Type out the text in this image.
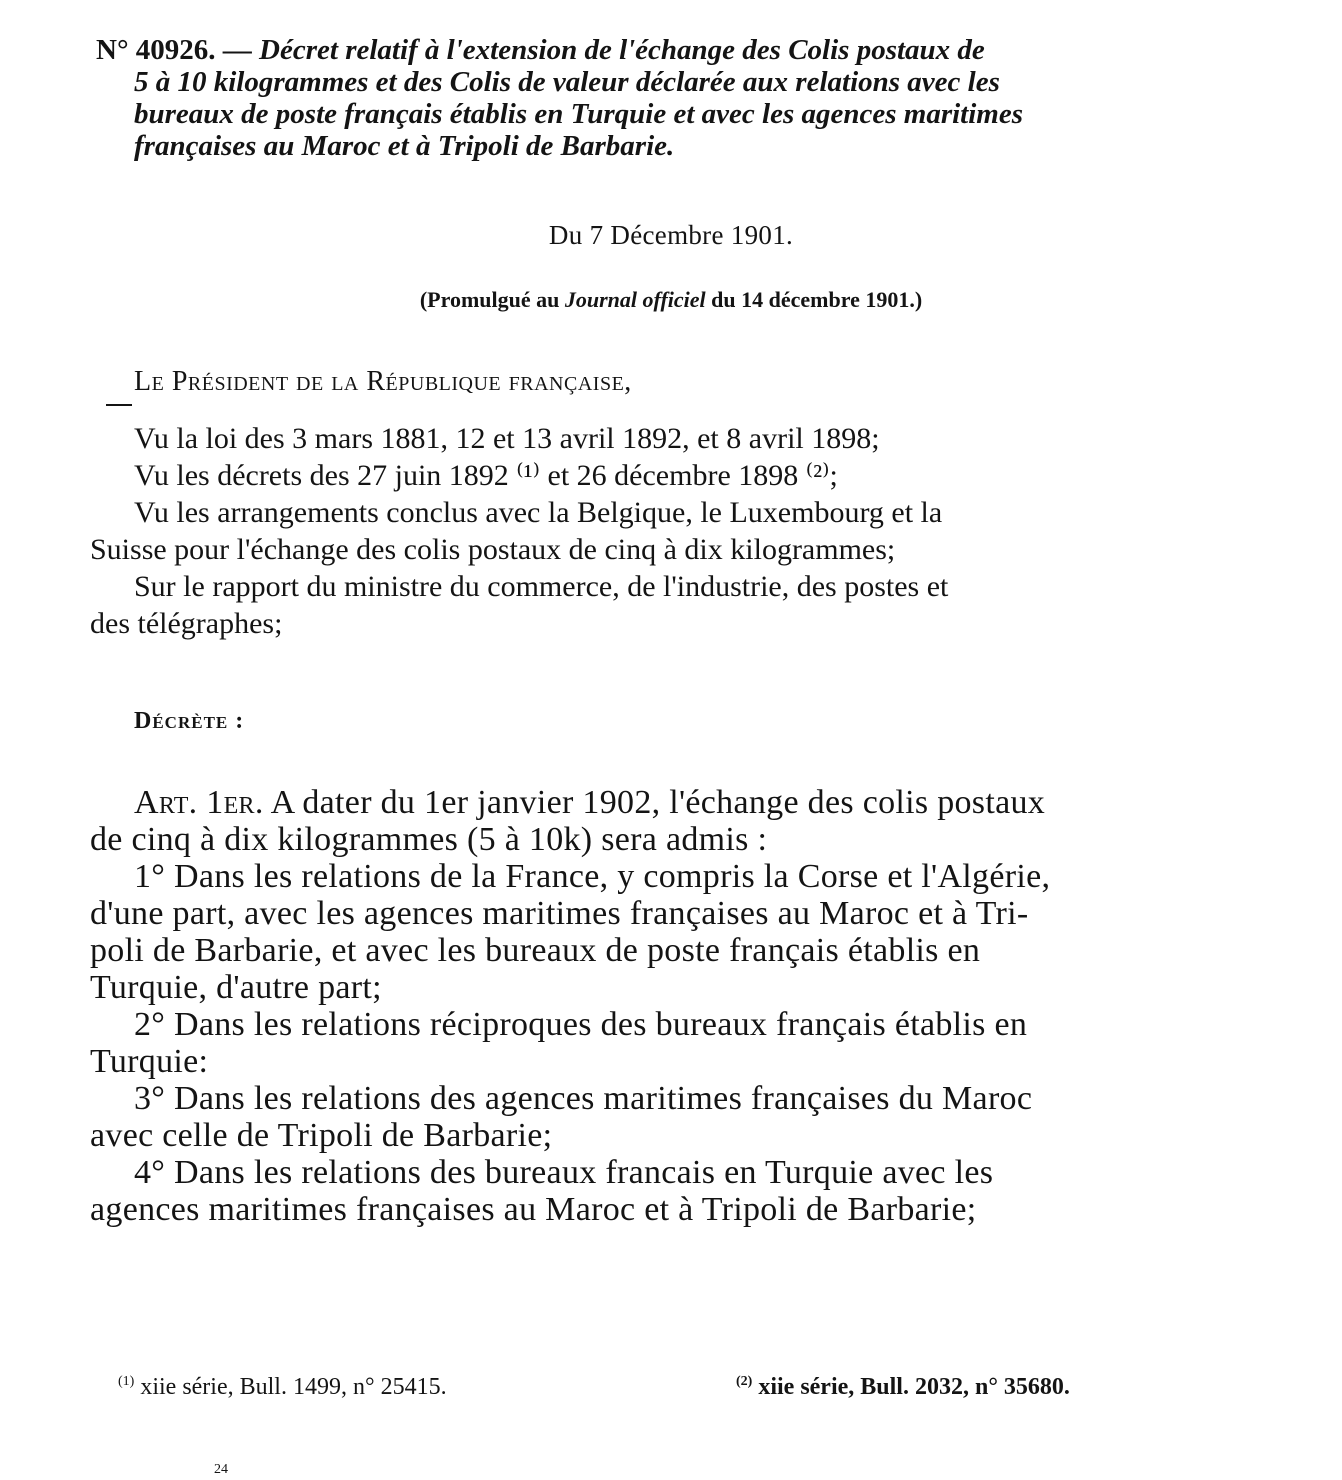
N° 40926. — Décret relatif à l'extension de l'échange des Colis postaux de
5 à 10 kilogrammes et des Colis de valeur déclarée aux relations avec les
bureaux de poste français établis en Turquie et avec les agences maritimes
françaises au Maroc et à Tripoli de Barbarie.
Du 7 Décembre 1901.
(Promulgué au Journal officiel du 14 décembre 1901.)
Le Président de la République française,
Vu la loi des 3 mars 1881, 12 et 13 avril 1892, et 8 avril 1898;
Vu les décrets des 27 juin 1892 ⁽¹⁾ et 26 décembre 1898 ⁽²⁾;
Vu les arrangements conclus avec la Belgique, le Luxembourg et la
Suisse pour l'échange des colis postaux de cinq à dix kilogrammes;
Sur le rapport du ministre du commerce, de l'industrie, des postes et
des télégraphes;
Décrète :
Art. 1er. A dater du 1er janvier 1902, l'échange des colis postaux
de cinq à dix kilogrammes (5 à 10k) sera admis :
1° Dans les relations de la France, y compris la Corse et l'Algérie,
d'une part, avec les agences maritimes françaises au Maroc et à Tri-
poli de Barbarie, et avec les bureaux de poste français établis en
Turquie, d'autre part;
2° Dans les relations réciproques des bureaux français établis en
Turquie:
3° Dans les relations des agences maritimes françaises du Maroc
avec celle de Tripoli de Barbarie;
4° Dans les relations des bureaux francais en Turquie avec les
agences maritimes françaises au Maroc et à Tripoli de Barbarie;
$^{(1)}$ xiie série, Bull. 1499, n° 25415.	$^{(2)}$ xiie série, Bull. 2032, n° 35680.
24
